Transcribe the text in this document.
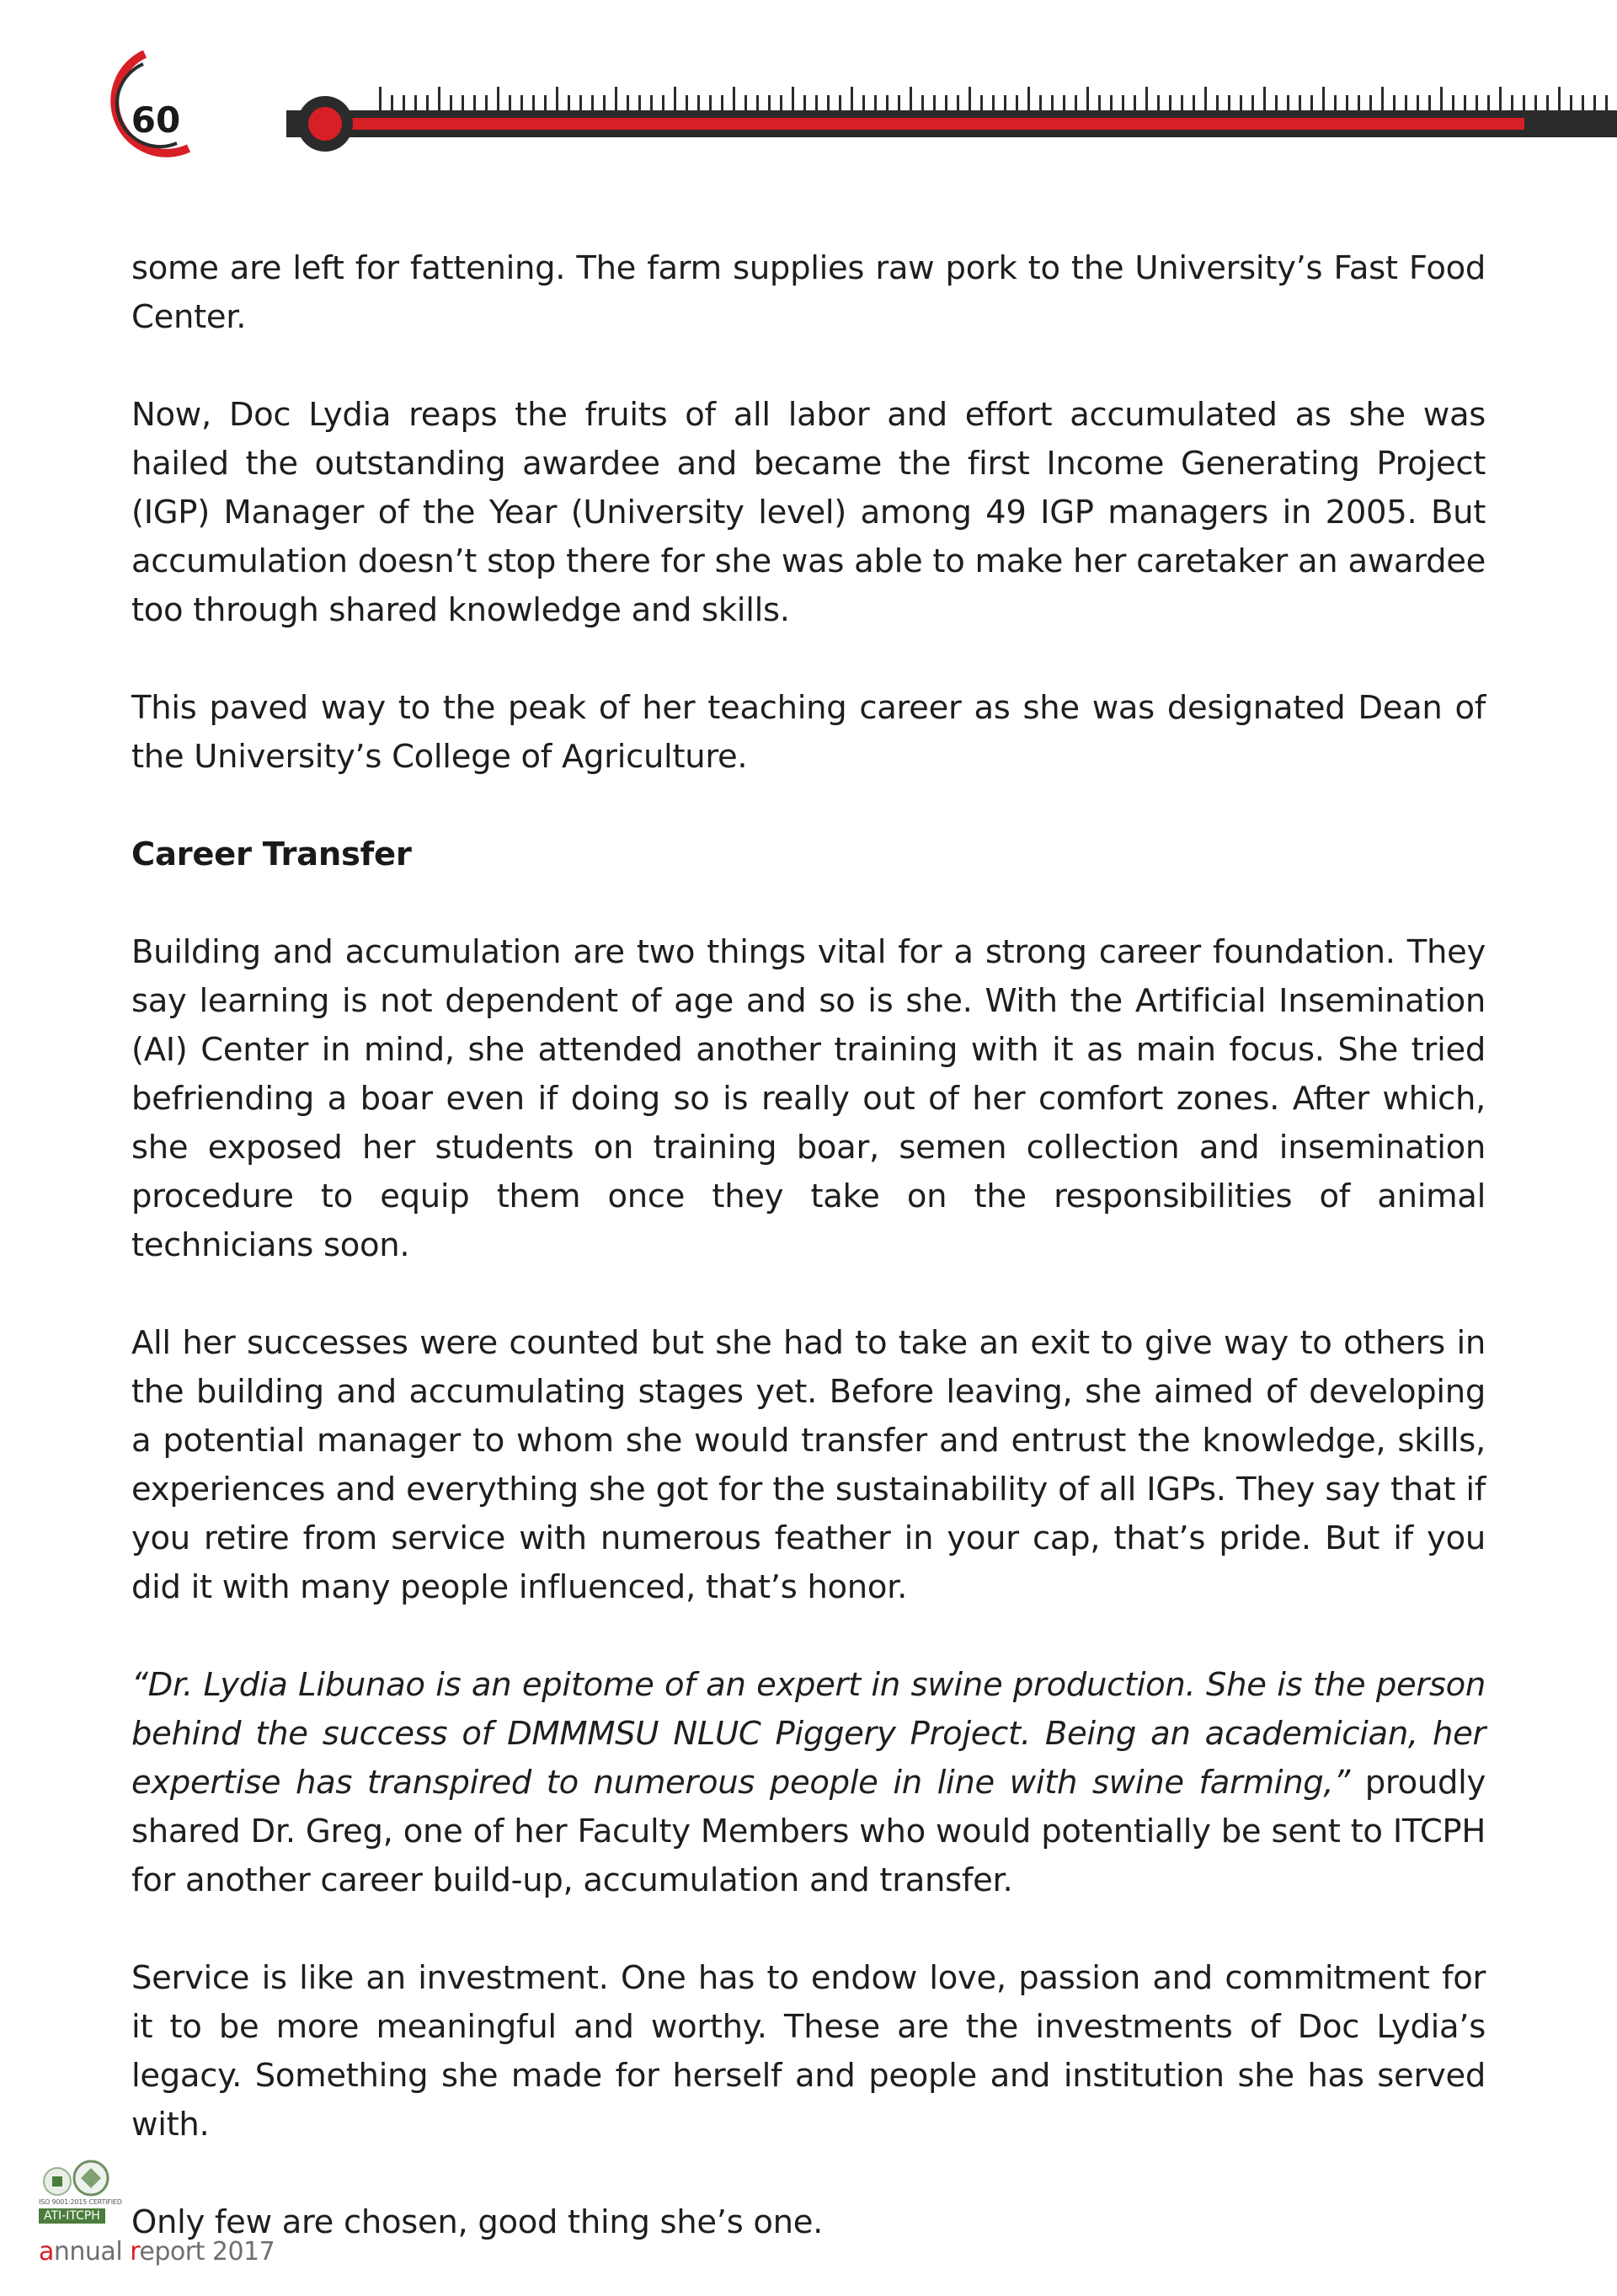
60

some are left for fattening. The farm supplies raw pork to the University’s Fast Food Center.

Now, Doc Lydia reaps the fruits of all labor and effort accumulated as she was hailed the outstanding awardee and became the first Income Generating Project (IGP) Manager of the Year (University level) among 49 IGP managers in 2005. But accumulation doesn’t stop there for she was able to make her caretaker an awardee too through shared knowledge and skills.

This paved way to the peak of her teaching career as she was designated Dean of the University’s College of Agriculture.

Career Transfer

Building and accumulation are two things vital for a strong career foundation. They say learning is not dependent of age and so is she. With the Artificial Insemination (AI) Center in mind, she attended another training with it as main focus. She tried befriending a boar even if doing so is really out of her comfort zones. After which, she exposed her students on training boar, semen collection and insemination procedure to equip them once they take on the responsibilities of animal technicians soon.

All her successes were counted but she had to take an exit to give way to others in the building and accumulating stages yet. Before leaving, she aimed of developing a potential manager to whom she would transfer and entrust the knowledge, skills, experiences and everything she got for the sustainability of all IGPs. They say that if you retire from service with numerous feather in your cap, that’s pride. But if you did it with many people influenced, that’s honor.

“Dr. Lydia Libunao is an epitome of an expert in swine production. She is the person behind the success of DMMMSU NLUC Piggery Project. Being an academician, her expertise has transpired to numerous people in line with swine farming,” proudly shared Dr. Greg, one of her Faculty Members who would potentially be sent to ITCPH for another career build-up, accumulation and transfer.

Service is like an investment. One has to endow love, passion and commitment for it to be more meaningful and worthy. These are the investments of Doc Lydia’s legacy. Something she made for herself and people and institution she has served with.

Only few are chosen, good thing she’s one.

ISO 9001:2015 CERTIFIED
ATI-ITCPH
annual report 2017
